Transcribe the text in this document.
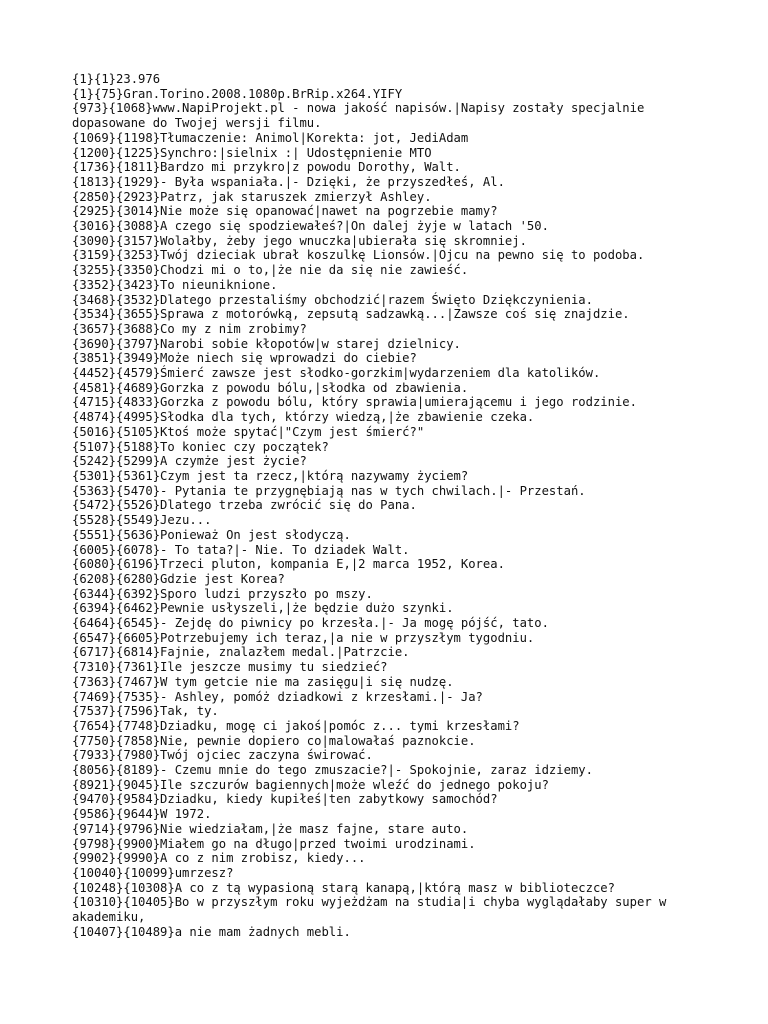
{1}{1}23.976
{1}{75}Gran.Torino.2008.1080p.BrRip.x264.YIFY
{973}{1068}www.NapiProjekt.pl - nowa jakość napisów.|Napisy zostały specjalnie dopasowane do Twojej wersji filmu.
{1069}{1198}Tłumaczenie: Animol|Korekta: jot, JediAdam
{1200}{1225}Synchro:|sielnix :| Udostępnienie MTO
{1736}{1811}Bardzo mi przykro|z powodu Dorothy, Walt.
{1813}{1929}- Była wspaniała.|- Dzięki, że przyszedłeś, Al.
{2850}{2923}Patrz, jak staruszek zmierzył Ashley.
{2925}{3014}Nie może się opanować|nawet na pogrzebie mamy?
{3016}{3088}A czego się spodziewałeś?|On dalej żyje w latach '50.
{3090}{3157}Wolałby, żeby jego wnuczka|ubierała się skromniej.
{3159}{3253}Twój dzieciak ubrał koszulkę Lionsów.|Ojcu na pewno się to podoba.
{3255}{3350}Chodzi mi o to,|że nie da się nie zawieść.
{3352}{3423}To nieuniknione.
{3468}{3532}Dlatego przestaliśmy obchodzić|razem Święto Dziękczynienia.
{3534}{3655}Sprawa z motorówką, zepsutą sadzawką...|Zawsze coś się znajdzie.
{3657}{3688}Co my z nim zrobimy?
{3690}{3797}Narobi sobie kłopotów|w starej dzielnicy.
{3851}{3949}Może niech się wprowadzi do ciebie?
{4452}{4579}Śmierć zawsze jest słodko-gorzkim|wydarzeniem dla katolików.
{4581}{4689}Gorzka z powodu bólu,|słodka od zbawienia.
{4715}{4833}Gorzka z powodu bólu, który sprawia|umierającemu i jego rodzinie.
{4874}{4995}Słodka dla tych, którzy wiedzą,|że zbawienie czeka.
{5016}{5105}Ktoś może spytać|"Czym jest śmierć?"
{5107}{5188}To koniec czy początek?
{5242}{5299}A czymże jest życie?
{5301}{5361}Czym jest ta rzecz,|którą nazywamy życiem?
{5363}{5470}- Pytania te przygnębiają nas w tych chwilach.|- Przestań.
{5472}{5526}Dlatego trzeba zwrócić się do Pana.
{5528}{5549}Jezu...
{5551}{5636}Ponieważ On jest słodyczą.
{6005}{6078}- To tata?|- Nie. To dziadek Walt.
{6080}{6196}Trzeci pluton, kompania E,|2 marca 1952, Korea.
{6208}{6280}Gdzie jest Korea?
{6344}{6392}Sporo ludzi przyszło po mszy.
{6394}{6462}Pewnie usłyszeli,|że będzie dużo szynki.
{6464}{6545}- Zejdę do piwnicy po krzesła.|- Ja mogę pójść, tato.
{6547}{6605}Potrzebujemy ich teraz,|a nie w przyszłym tygodniu.
{6717}{6814}Fajnie, znalazłem medal.|Patrzcie.
{7310}{7361}Ile jeszcze musimy tu siedzieć?
{7363}{7467}W tym getcie nie ma zasięgu|i się nudzę.
{7469}{7535}- Ashley, pomóż dziadkowi z krzesłami.|- Ja?
{7537}{7596}Tak, ty.
{7654}{7748}Dziadku, mogę ci jakoś|pomóc z... tymi krzesłami?
{7750}{7858}Nie, pewnie dopiero co|malowałaś paznokcie.
{7933}{7980}Twój ojciec zaczyna świrować.
{8056}{8189}- Czemu mnie do tego zmuszacie?|- Spokojnie, zaraz idziemy.
{8921}{9045}Ile szczurów bagiennych|może wleźć do jednego pokoju?
{9470}{9584}Dziadku, kiedy kupiłeś|ten zabytkowy samochód?
{9586}{9644}W 1972.
{9714}{9796}Nie wiedziałam,|że masz fajne, stare auto.
{9798}{9900}Miałem go na długo|przed twoimi urodzinami.
{9902}{9990}A co z nim zrobisz, kiedy...
{10040}{10099}umrzesz?
{10248}{10308}A co z tą wypasioną starą kanapą,|którą masz w biblioteczce?
{10310}{10405}Bo w przyszłym roku wyjeżdżam na studia|i chyba wyglądałaby super w akademiku,
{10407}{10489}a nie mam żadnych mebli.
